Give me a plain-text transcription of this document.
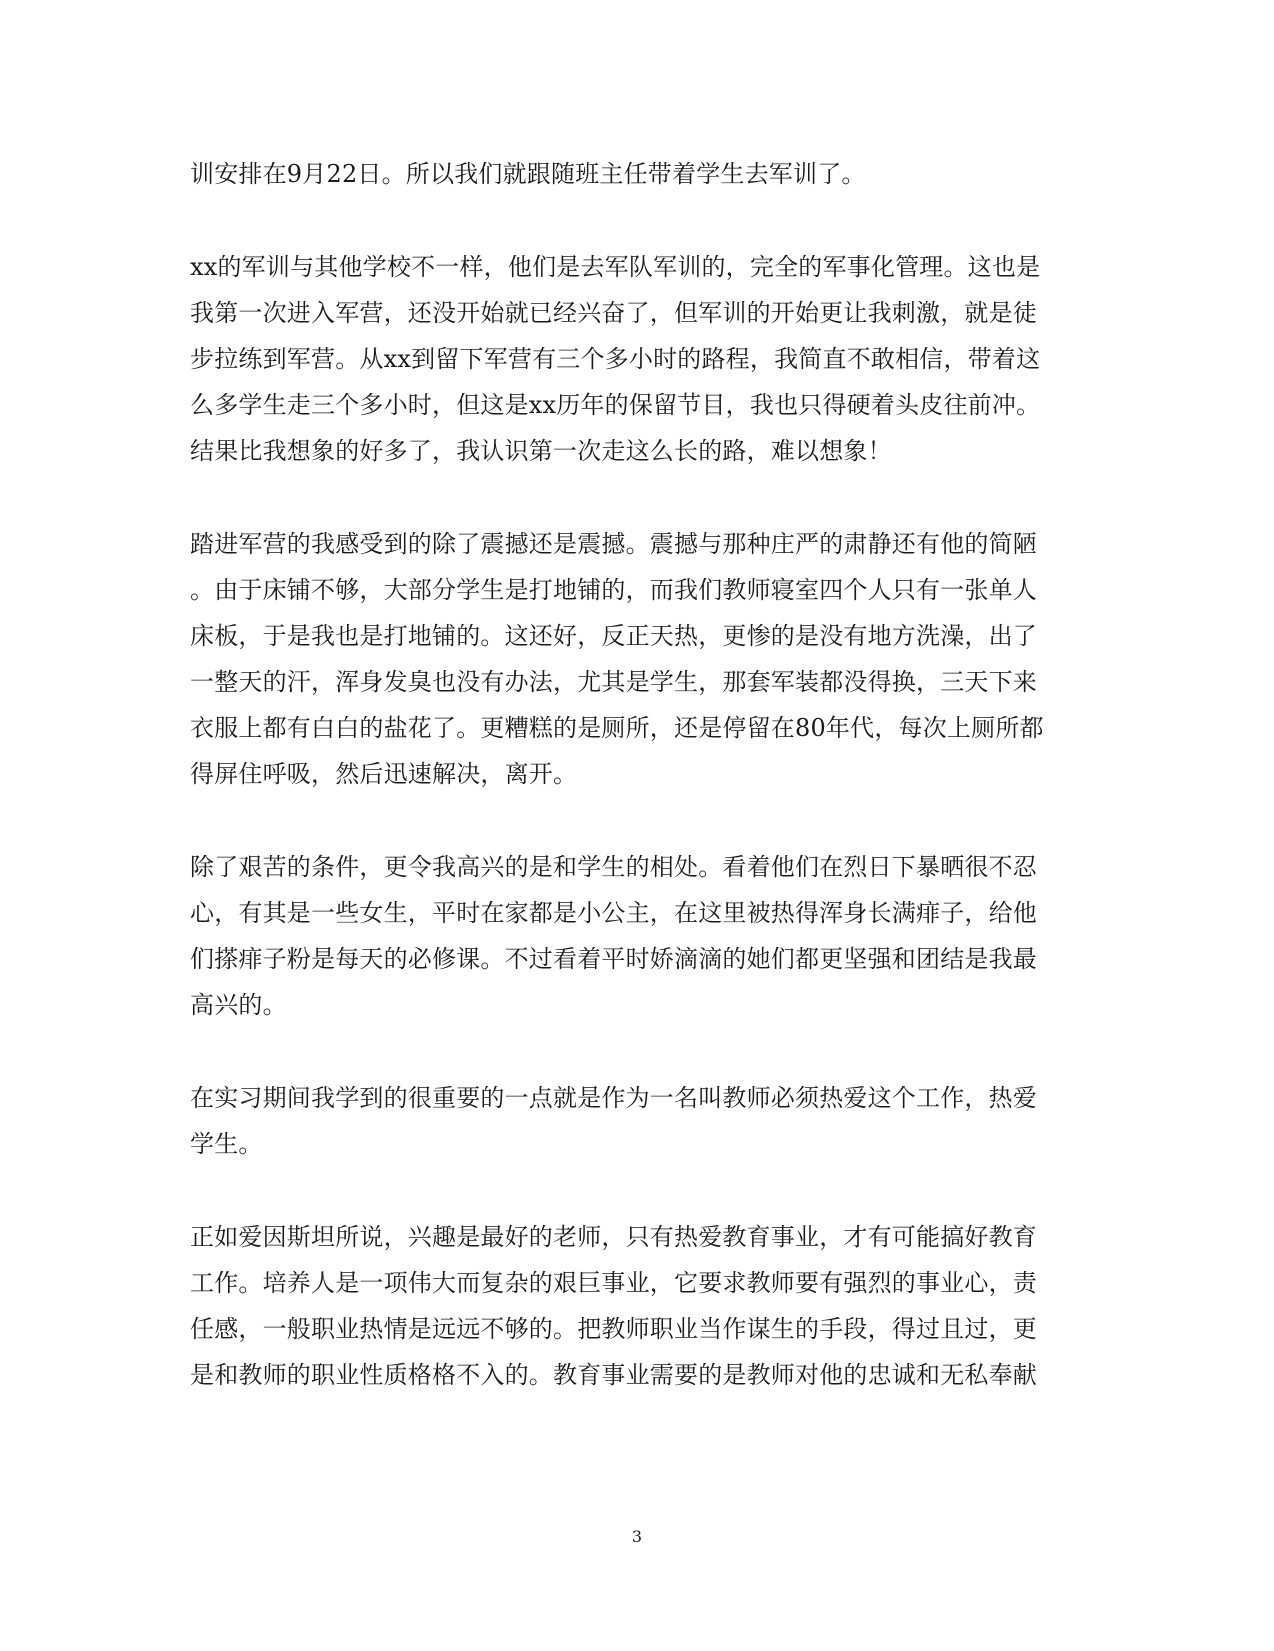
训安排在9月22日。所以我们就跟随班主任带着学生去军训了。

xx的军训与其他学校不一样，他们是去军队军训的，完全的军事化管理。这也是

我第一次进入军营，还没开始就已经兴奋了，但军训的开始更让我刺激，就是徒

步拉练到军营。从xx到留下军营有三个多小时的路程，我简直不敢相信，带着这

么多学生走三个多小时，但这是xx历年的保留节目，我也只得硬着头皮往前冲。

结果比我想象的好多了，我认识第一次走这么长的路，难以想象！

踏进军营的我感受到的除了震撼还是震撼。震撼与那种庄严的肃静还有他的简陋

。由于床铺不够，大部分学生是打地铺的，而我们教师寝室四个人只有一张单人

床板，于是我也是打地铺的。这还好，反正天热，更惨的是没有地方洗澡，出了

一整天的汗，浑身发臭也没有办法，尤其是学生，那套军装都没得换，三天下来

衣服上都有白白的盐花了。更糟糕的是厕所，还是停留在80年代，每次上厕所都

得屏住呼吸，然后迅速解决，离开。

除了艰苦的条件，更令我高兴的是和学生的相处。看着他们在烈日下暴晒很不忍

心，有其是一些女生，平时在家都是小公主，在这里被热得浑身长满痱子，给他

们搽痱子粉是每天的必修课。不过看着平时娇滴滴的她们都更坚强和团结是我最

高兴的。

在实习期间我学到的很重要的一点就是作为一名叫教师必须热爱这个工作，热爱

学生。

正如爱因斯坦所说，兴趣是最好的老师，只有热爱教育事业，才有可能搞好教育

工作。培养人是一项伟大而复杂的艰巨事业，它要求教师要有强烈的事业心，责

任感，一般职业热情是远远不够的。把教师职业当作谋生的手段，得过且过，更

是和教师的职业性质格格不入的。教育事业需要的是教师对他的忠诚和无私奉献

3
